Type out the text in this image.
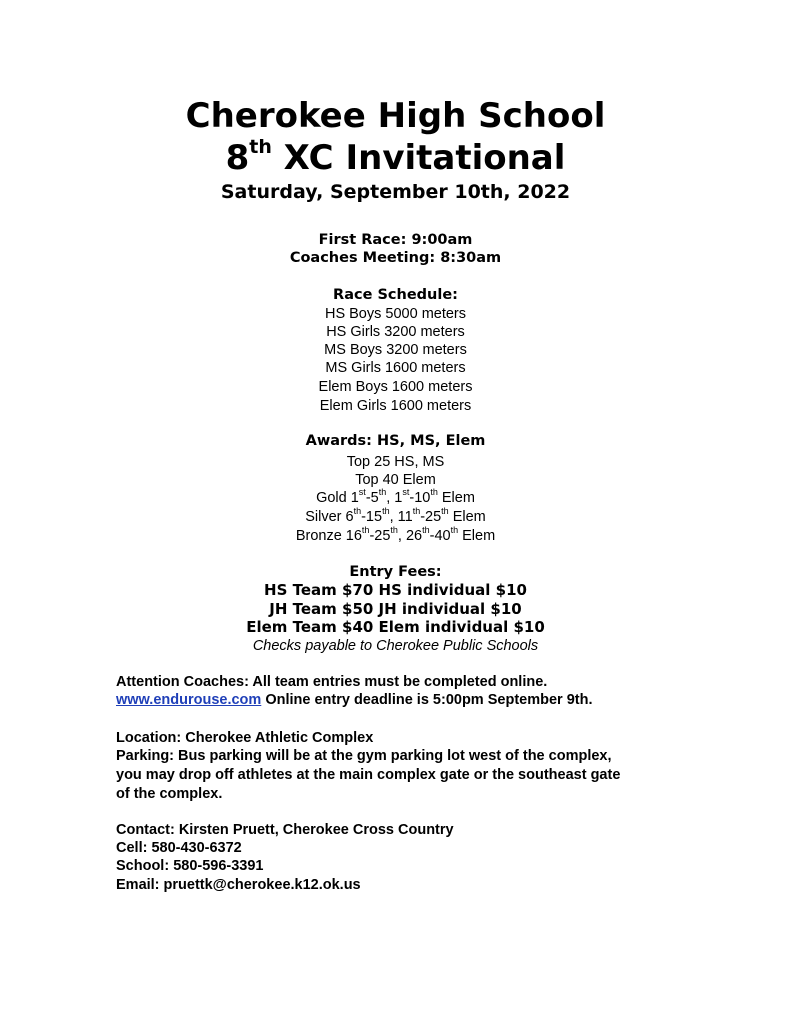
Cherokee High School
8th XC Invitational
Saturday, September 10th, 2022
First Race: 9:00am
Coaches Meeting: 8:30am
Race Schedule:
HS Boys 5000 meters
HS Girls 3200 meters
MS Boys 3200 meters
MS Girls 1600 meters
Elem Boys 1600 meters
Elem Girls 1600 meters
Awards: HS, MS, Elem
Top 25 HS, MS
Top 40 Elem
Gold 1st-5th, 1st-10th Elem
Silver 6th-15th, 11th-25th Elem
Bronze 16th-25th, 26th-40th Elem
Entry Fees:
HS Team $70 HS individual $10
JH Team $50 JH individual $10
Elem Team $40 Elem individual $10
Checks payable to Cherokee Public Schools
Attention Coaches: All team entries must be completed online.
www.endurouse.com Online entry deadline is 5:00pm September 9th.
Location: Cherokee Athletic Complex
Parking: Bus parking will be at the gym parking lot west of the complex,
you may drop off athletes at the main complex gate or the southeast gate
of the complex.
Contact: Kirsten Pruett, Cherokee Cross Country
Cell: 580-430-6372
School: 580-596-3391
Email: pruettk@cherokee.k12.ok.us
